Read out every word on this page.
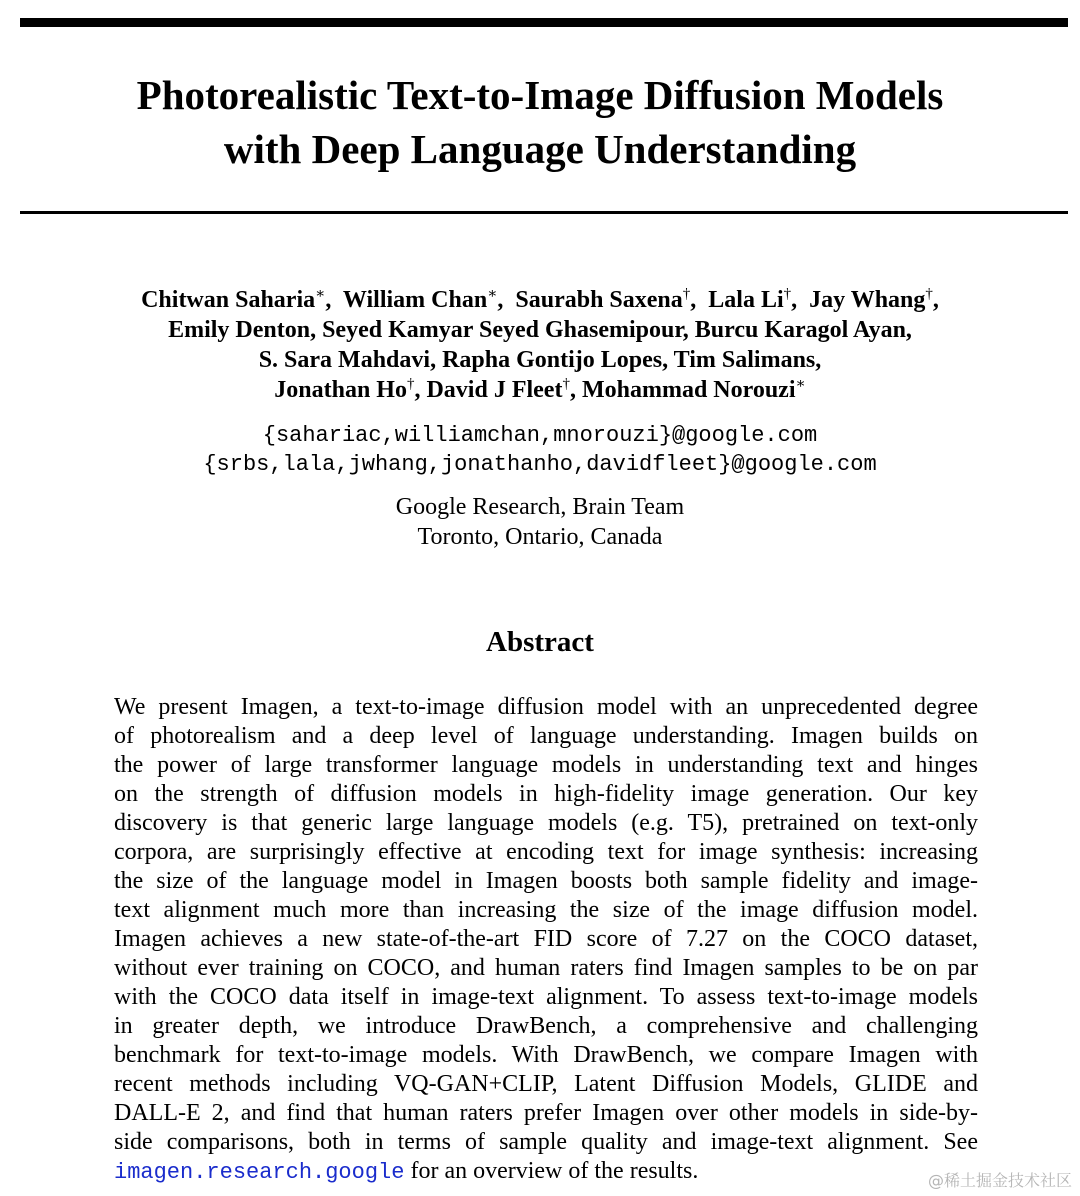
Photorealistic Text-to-Image Diffusion Models
with Deep Language Understanding
Chitwan Saharia∗,  William Chan∗,  Saurabh Saxena†,  Lala Li†,  Jay Whang†,
Emily Denton, Seyed Kamyar Seyed Ghasemipour, Burcu Karagol Ayan,
S. Sara Mahdavi, Rapha Gontijo Lopes, Tim Salimans,
Jonathan Ho†, David J Fleet†, Mohammad Norouzi∗
{sahariac,williamchan,mnorouzi}@google.com
{srbs,lala,jwhang,jonathanho,davidfleet}@google.com
Google Research, Brain Team
Toronto, Ontario, Canada
Abstract
We present Imagen, a text-to-image diffusion model with an unprecedented degree
of photorealism and a deep level of language understanding. Imagen builds on
the power of large transformer language models in understanding text and hinges
on the strength of diffusion models in high-fidelity image generation. Our key
discovery is that generic large language models (e.g. T5), pretrained on text-only
corpora, are surprisingly effective at encoding text for image synthesis: increasing
the size of the language model in Imagen boosts both sample fidelity and image-
text alignment much more than increasing the size of the image diffusion model.
Imagen achieves a new state-of-the-art FID score of 7.27 on the COCO dataset,
without ever training on COCO, and human raters find Imagen samples to be on par
with the COCO data itself in image-text alignment. To assess text-to-image models
in greater depth, we introduce DrawBench, a comprehensive and challenging
benchmark for text-to-image models. With DrawBench, we compare Imagen with
recent methods including VQ-GAN+CLIP, Latent Diffusion Models, GLIDE and
DALL-E 2, and find that human raters prefer Imagen over other models in side-by-
side comparisons, both in terms of sample quality and image-text alignment. See
imagen.research.google for an overview of the results.	@稀土掘金技术社区
